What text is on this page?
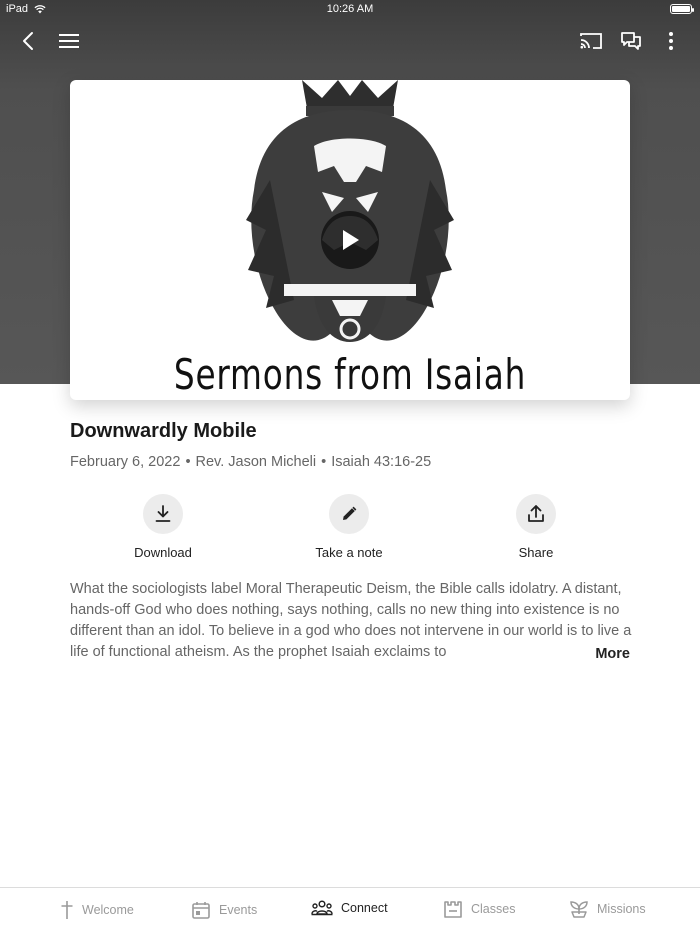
iPad	10:26 AM
Sermons from Isaiah
Downwardly Mobile
February 6, 2022 • Rev. Jason Micheli • Isaiah 43:16-25
Download	Take a note	Share
What the sociologists label Moral Therapeutic Deism, the Bible calls idolatry. A distant, hands-off God who does nothing, says nothing, calls no new thing into existence is no different than an idol. To believe in a god who does not intervene in our world is to live a life of functional atheism. As the prophet Isaiah exclaims to	More
Welcome	Events	Connect	Classes	Missions
